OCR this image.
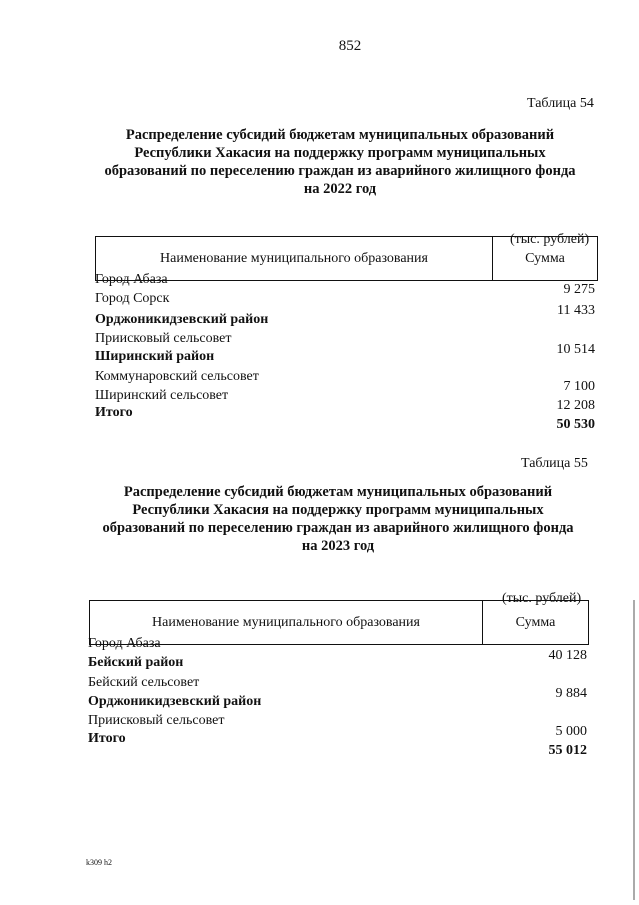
852
Таблица 54
Распределение субсидий бюджетам муниципальных образований
Республики Хакасия на поддержку программ муниципальных
образований по переселению граждан из аварийного жилищного фонда
на 2022 год
(тыс. рублей)
Наименование муниципального образования	Сумма
Город Абаза
Город Сорск
Орджоникидзевский район
Приисковый сельсовет
Ширинский район
Коммунаровский сельсовет
Ширинский сельсовет
Итого
9 275
11 433
10 514
7 100
12 208
50 530
Таблица 55
Распределение субсидий бюджетам муниципальных образований
Республики Хакасия на поддержку программ муниципальных
образований по переселению граждан из аварийного жилищного фонда
на 2023 год
(тыс. рублей)
Наименование муниципального образования	Сумма
Город Абаза
Бейский район
Бейский сельсовет
Орджоникидзевский район
Приисковый сельсовет
Итого
40 128
9 884
5 000
55 012
k309 h2
